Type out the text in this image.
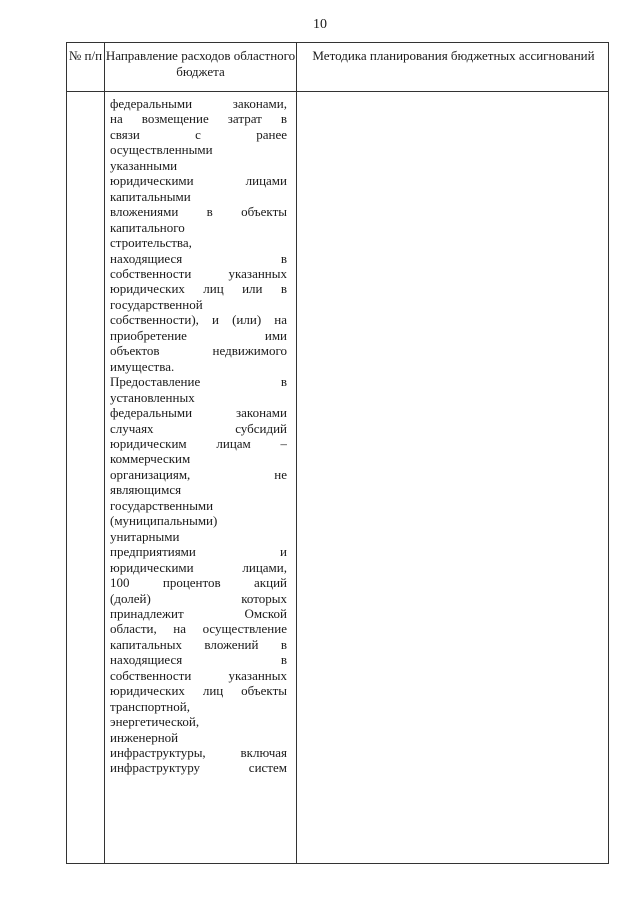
10
№ п/п Направление расходов областного бюджета
Методика планирования бюджетных ассигнований
федеральными законами,
на возмещение затрат в
связи с ранее
осуществленными
указанными
юридическими лицами
капитальными
вложениями в объекты
капитального
строительства,
находящиеся в
собственности указанных
юридических лиц или в
государственной
собственности), и (или) на
приобретение ими
объектов недвижимого
имущества.
Предоставление в
установленных
федеральными законами
случаях субсидий
юридическим лицам –
коммерческим
организациям, не
являющимся
государственными
(муниципальными)
унитарными
предприятиями и
юридическими лицами,
100 процентов акций
(долей) которых
принадлежит Омской
области, на осуществление
капитальных вложений в
находящиеся в
собственности указанных
юридических лиц объекты
транспортной,
энергетической,
инженерной
инфраструктуры, включая
инфраструктуру систем
